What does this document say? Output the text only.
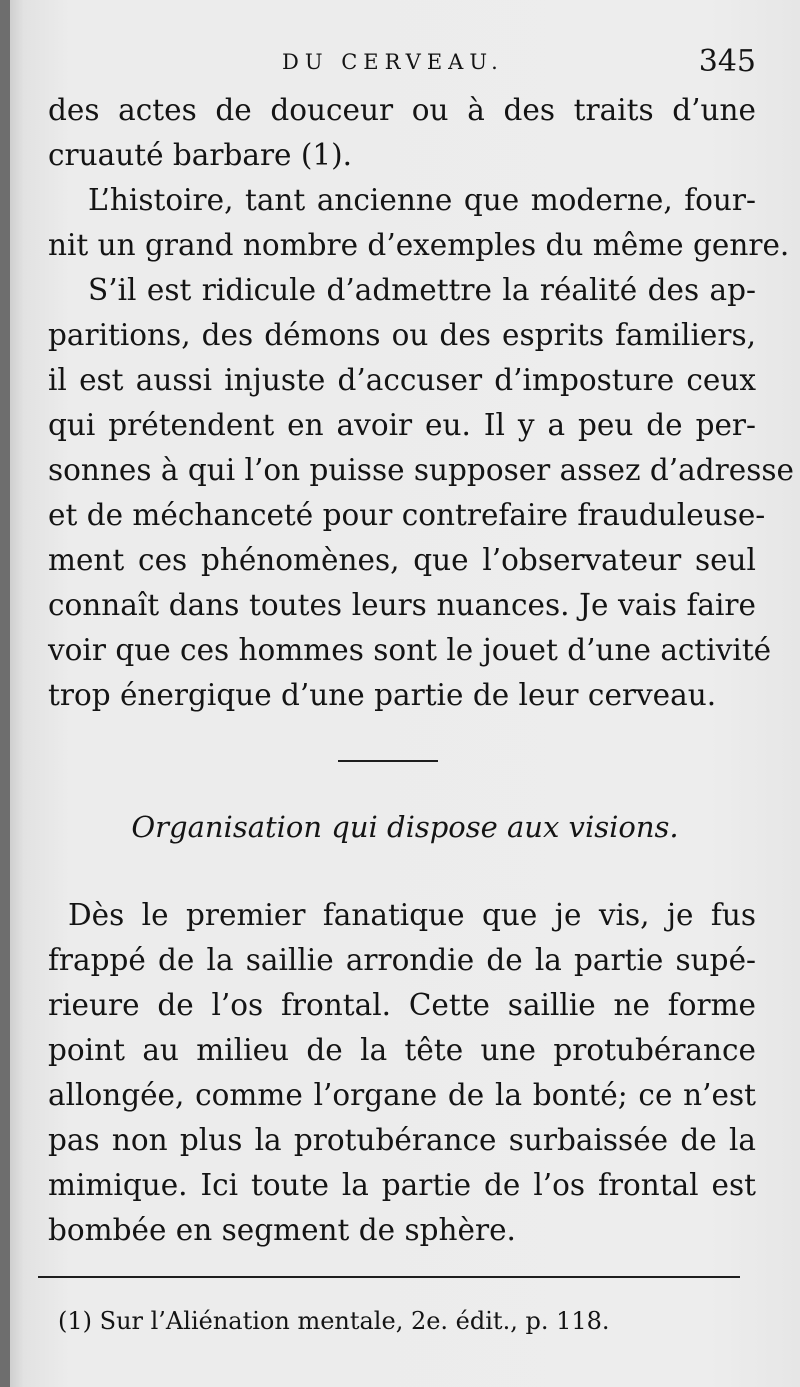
DU CERVEAU.	345
des actes de douceur ou à des traits d’une
cruauté barbare (1).
L’histoire, tant ancienne que moderne, four-
nit un grand nombre d’exemples du même genre.
S’il est ridicule d’admettre la réalité des ap-
paritions, des démons ou des esprits familiers,
il est aussi injuste d’accuser d’imposture ceux
qui prétendent en avoir eu. Il y a peu de per-
sonnes à qui l’on puisse supposer assez d’adresse
et de méchanceté pour contrefaire frauduleuse-
ment ces phénomènes, que l’observateur seul
connaît dans toutes leurs nuances. Je vais faire
voir que ces hommes sont le jouet d’une activité
trop énergique d’une partie de leur cerveau.
Organisation qui dispose aux visions.
Dès le premier fanatique que je vis, je fus
frappé de la saillie arrondie de la partie supé-
rieure de l’os frontal. Cette saillie ne forme
point au milieu de la tête une protubérance
allongée, comme l’organe de la bonté; ce n’est
pas non plus la protubérance surbaissée de la
mimique. Ici toute la partie de l’os frontal est
bombée en segment de sphère.
(1) Sur l’Aliénation mentale, 2e. édit., p. 118.
